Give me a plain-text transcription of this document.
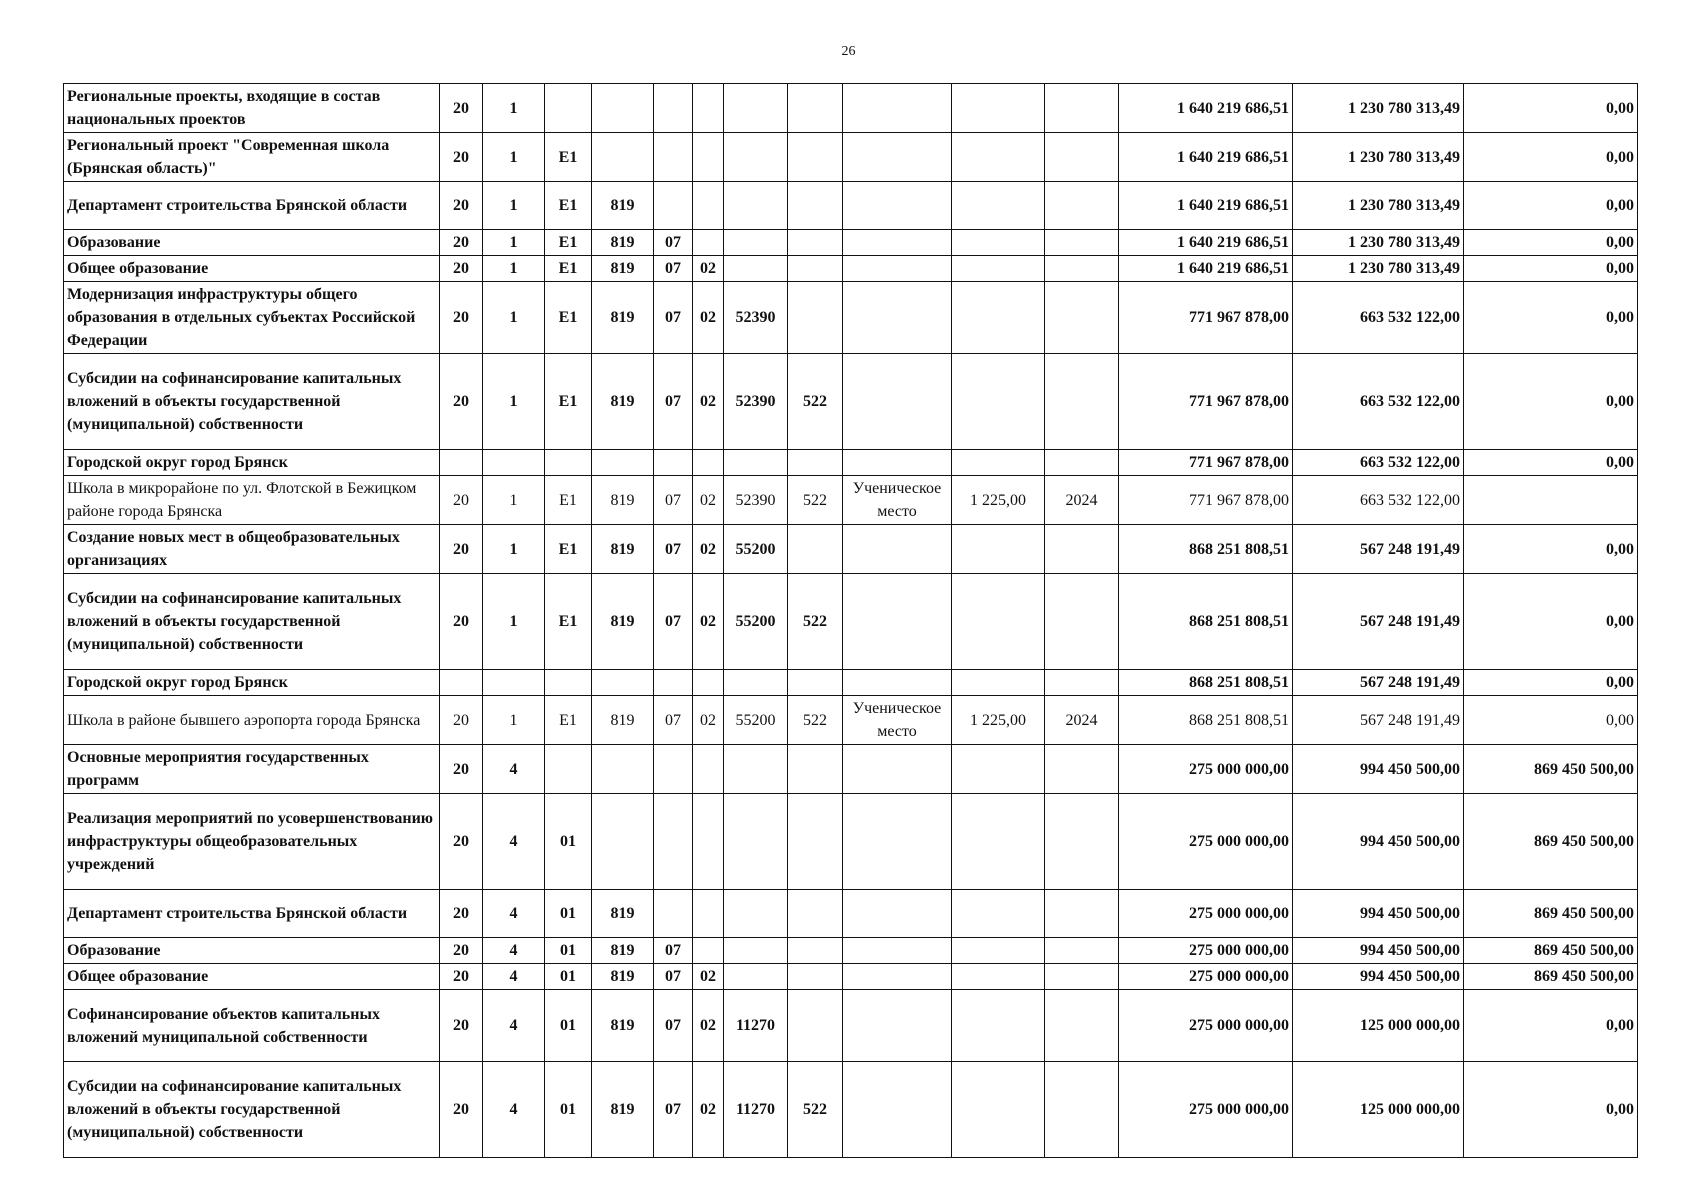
26
Региональные проекты, входящие в состав национальных проектов	20	1										1 640 219 686,51	1 230 780 313,49	0,00
Региональный проект "Современная школа (Брянская область)"	20	1	E1									1 640 219 686,51	1 230 780 313,49	0,00
Департамент строительства Брянской области	20	1	E1	819								1 640 219 686,51	1 230 780 313,49	0,00
Образование	20	1	E1	819	07							1 640 219 686,51	1 230 780 313,49	0,00
Общее образование	20	1	E1	819	07	02						1 640 219 686,51	1 230 780 313,49	0,00
Модернизация инфраструктуры общего образования в отдельных субъектах Российской Федерации	20	1	E1	819	07	02	52390					771 967 878,00	663 532 122,00	0,00
Субсидии на софинансирование капитальных вложений в объекты государственной (муниципальной) собственности	20	1	E1	819	07	02	52390	522				771 967 878,00	663 532 122,00	0,00
Городской округ город Брянск												771 967 878,00	663 532 122,00	0,00
Школа в микрорайоне по ул. Флотской в Бежицком районе города Брянска	20	1	E1	819	07	02	52390	522	Ученическое место	1 225,00	2024	771 967 878,00	663 532 122,00	
Создание новых мест в общеобразовательных организациях	20	1	E1	819	07	02	55200					868 251 808,51	567 248 191,49	0,00
Субсидии на софинансирование капитальных вложений в объекты государственной (муниципальной) собственности	20	1	E1	819	07	02	55200	522				868 251 808,51	567 248 191,49	0,00
Городской округ город Брянск												868 251 808,51	567 248 191,49	0,00
Школа в районе бывшего аэропорта города Брянска	20	1	E1	819	07	02	55200	522	Ученическое место	1 225,00	2024	868 251 808,51	567 248 191,49	0,00
Основные мероприятия государственных программ	20	4										275 000 000,00	994 450 500,00	869 450 500,00
Реализация мероприятий по усовершенствованию инфраструктуры общеобразовательных учреждений	20	4	01									275 000 000,00	994 450 500,00	869 450 500,00
Департамент строительства Брянской области	20	4	01	819								275 000 000,00	994 450 500,00	869 450 500,00
Образование	20	4	01	819	07							275 000 000,00	994 450 500,00	869 450 500,00
Общее образование	20	4	01	819	07	02						275 000 000,00	994 450 500,00	869 450 500,00
Софинансирование объектов капитальных вложений муниципальной собственности	20	4	01	819	07	02	11270					275 000 000,00	125 000 000,00	0,00
Субсидии на софинансирование капитальных вложений в объекты государственной (муниципальной) собственности	20	4	01	819	07	02	11270	522				275 000 000,00	125 000 000,00	0,00
